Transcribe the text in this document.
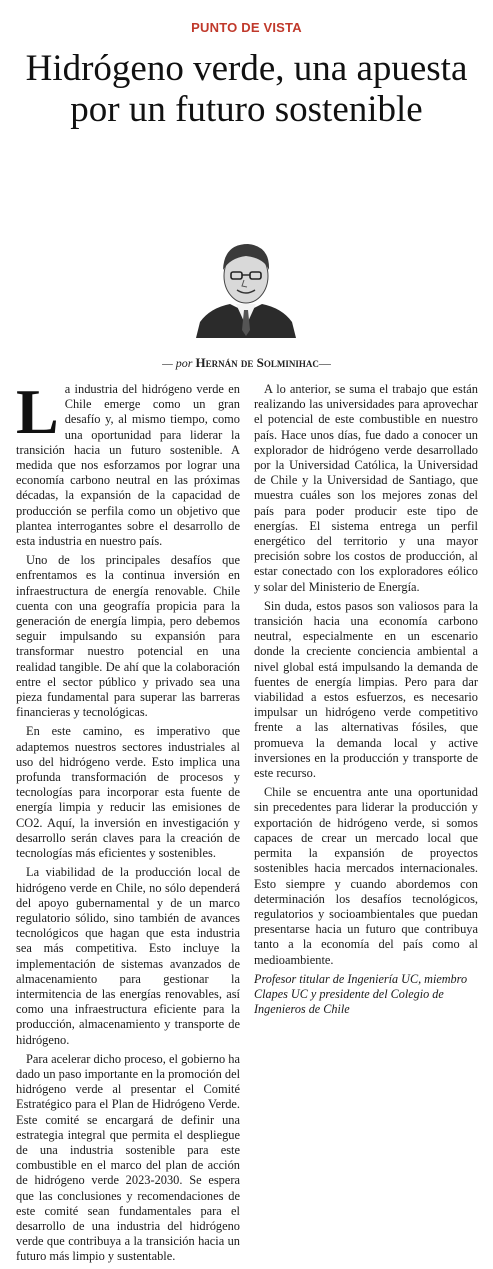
PUNTO DE VISTA
Hidrógeno verde, una apuesta por un futuro sostenible
— por Hernán de Solminihac—

La industria del hidrógeno verde en Chile emerge como un gran desafío y, al mismo tiempo, como una oportunidad para liderar la transición hacia un futuro sostenible. A medida que nos esforzamos por lograr una economía carbono neutral en las próximas décadas, la expansión de la capacidad de producción se perfila como un objetivo que plantea interrogantes sobre el desarrollo de esta industria en nuestro país.

Uno de los principales desafíos que enfrentamos es la continua inversión en infraestructura de energía renovable. Chile cuenta con una geografía propicia para la generación de energía limpia, pero debemos seguir impulsando su expansión para transformar nuestro potencial en una realidad tangible. De ahí que la colaboración entre el sector público y privado sea una pieza fundamental para superar las barreras financieras y tecnológicas.

En este camino, es imperativo que adaptemos nuestros sectores industriales al uso del hidrógeno verde. Esto implica una profunda transformación de procesos y tecnologías para incorporar esta fuente de energía limpia y reducir las emisiones de CO2. Aquí, la inversión en investigación y desarrollo serán claves para la creación de tecnologías más eficientes y sostenibles.

La viabilidad de la producción local de hidrógeno verde en Chile, no sólo dependerá del apoyo gubernamental y de un marco regulatorio sólido, sino también de avances tecnológicos que hagan que esta industria sea más competitiva. Esto incluye la implementación de sistemas avanzados de almacenamiento para gestionar la intermitencia de las energías renovables, así como una infraestructura eficiente para la producción, almacenamiento y transporte de hidrógeno.

Para acelerar dicho proceso, el gobierno ha dado un paso importante en la promoción del hidrógeno verde al presentar el Comité Estratégico para el Plan de Hidrógeno Verde. Este comité se encargará de definir una estrategia integral que permita el despliegue de una industria sostenible para este combustible en el marco del plan de acción de hidrógeno verde 2023-2030. Se espera que las conclusiones y recomendaciones de este comité sean fundamentales para el desarrollo de una industria del hidrógeno verde que contribuya a la transición hacia un futuro más limpio y sustentable.

A lo anterior, se suma el trabajo que están realizando las universidades para aprovechar el potencial de este combustible en nuestro país. Hace unos días, fue dado a conocer un explorador de hidrógeno verde desarrollado por la Universidad Católica, la Universidad de Chile y la Universidad de Santiago, que muestra cuáles son los mejores zonas del país para poder producir este tipo de energías. El sistema entrega un perfil energético del territorio y una mayor precisión sobre los costos de producción, al estar conectado con los exploradores eólico y solar del Ministerio de Energía.

Sin duda, estos pasos son valiosos para la transición hacia una economía carbono neutral, especialmente en un escenario donde la creciente conciencia ambiental a nivel global está impulsando la demanda de fuentes de energía limpias. Pero para dar viabilidad a estos esfuerzos, es necesario impulsar un hidrógeno verde competitivo frente a las alternativas fósiles, que promueva la demanda local y active inversiones en la producción y transporte de este recurso.

Chile se encuentra ante una oportunidad sin precedentes para liderar la producción y exportación de hidrógeno verde, si somos capaces de crear un mercado local que permita la expansión de proyectos sostenibles hacia mercados internacionales. Esto siempre y cuando abordemos con determinación los desafíos tecnológicos, regulatorios y socioambientales que puedan presentarse hacia un futuro que contribuya tanto a la economía del país como al medioambiente.

Profesor titular de Ingeniería UC, miembro Clapes UC y presidente del Colegio de Ingenieros de Chile
